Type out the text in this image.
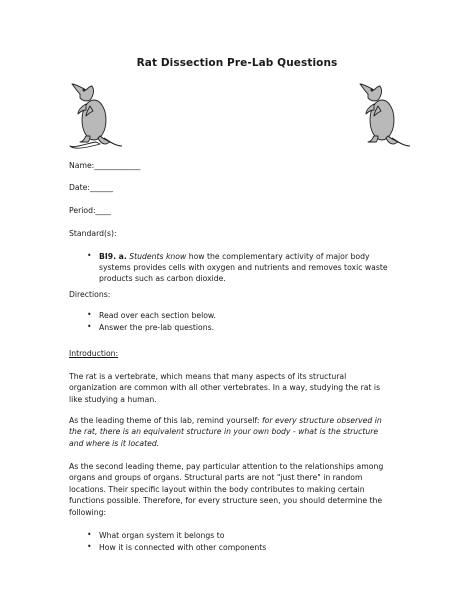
Rat Dissection Pre-Lab Questions
Name:____________
Date:______
Period:____
Standard(s):
• BI9. a. Students know how the complementary activity of major body
systems provides cells with oxygen and nutrients and removes toxic waste
products such as carbon dioxide.
Directions:
• Read over each section below.
• Answer the pre-lab questions.
Introduction:
The rat is a vertebrate, which means that many aspects of its structural
organization are common with all other vertebrates. In a way, studying the rat is
like studying a human.
As the leading theme of this lab, remind yourself: for every structure observed in
the rat, there is an equivalent structure in your own body - what is the structure
and where is it located.
As the second leading theme, pay particular attention to the relationships among
organs and groups of organs. Structural parts are not "just there" in random
locations. Their specific layout within the body contributes to making certain
functions possible. Therefore, for every structure seen, you should determine the
following:
• What organ system it belongs to
• How it is connected with other components
